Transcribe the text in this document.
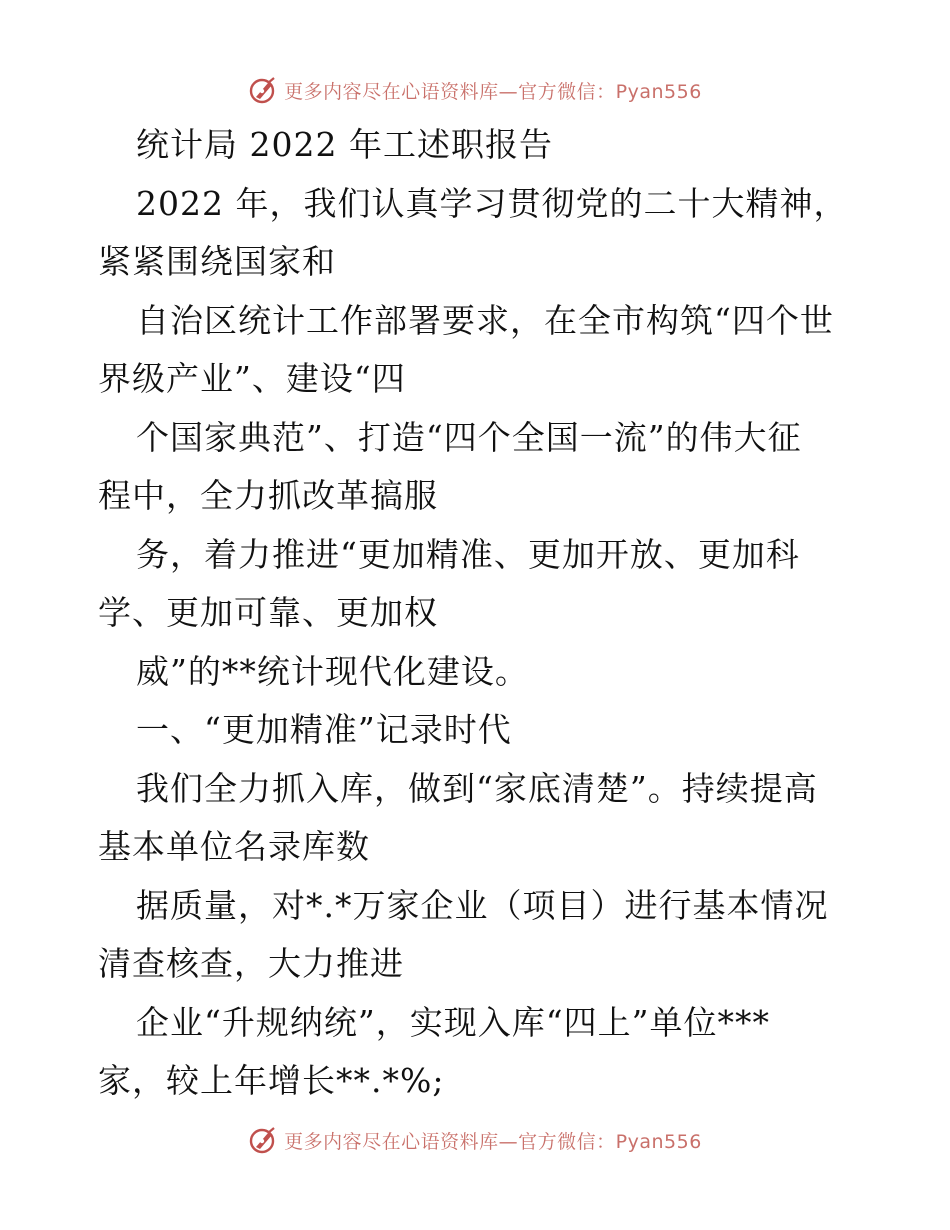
更多内容尽在心语资料库—官方微信：Pyan556
统计局 2022 年工述职报告
2022 年，我们认真学习贯彻党的二十大精神，
紧紧围绕国家和
自治区统计工作部署要求，在全市构筑“四个世
界级产业”、建设“四
个国家典范”、打造“四个全国一流”的伟大征
程中，全力抓改革搞服
务，着力推进“更加精准、更加开放、更加科
学、更加可靠、更加权
威”的**统计现代化建设。
一、“更加精准”记录时代
我们全力抓入库，做到“家底清楚”。持续提高
基本单位名录库数
据质量，对*.*万家企业（项目）进行基本情况
清查核查，大力推进
企业“升规纳统”，实现入库“四上”单位***
家，较上年增长**.*%;
更多内容尽在心语资料库—官方微信：Pyan556
